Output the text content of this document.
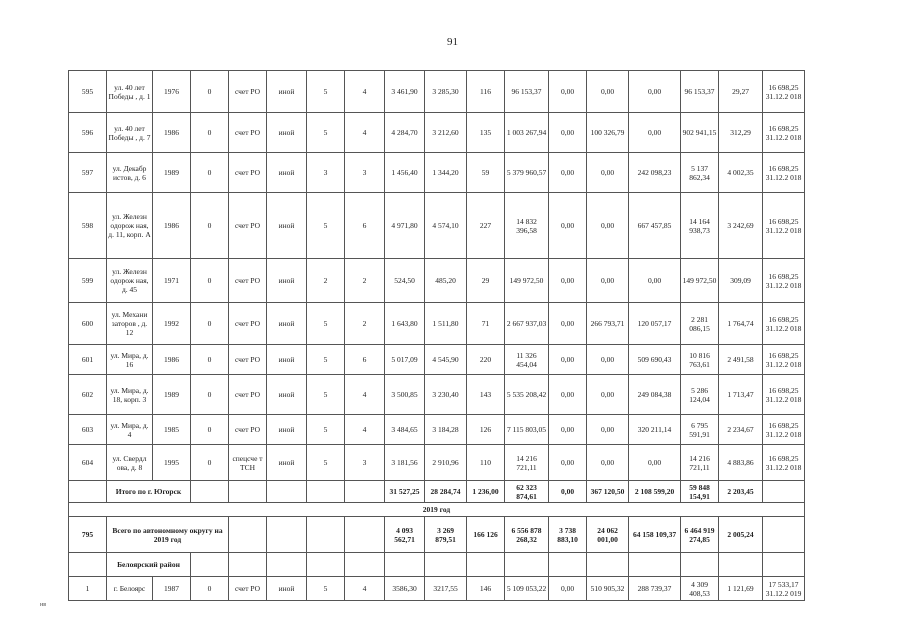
91
595	ул. 40 лет Победы , д. 1	1976	0	счет РО	иной	5	4	3 461,90	3 285,30	116	96 153,37	0,00	0,00	0,00	96 153,37	29,27	16 698,25
31.12.2 018

596	ул. 40 лет Победы , д. 7	1986	0	счет РО	иной	5	4	4 284,70	3 212,60	135	1 003 267,94	0,00	100 326,79	0,00	902 941,15	312,29	16 698,25
31.12.2 018

597	ул. Декабр истов, д. 6	1989	0	счет РО	иной	3	3	1 456,40	1 344,20	59	5 379 960,57	0,00	0,00	242 098,23	5 137 862,34	4 002,35	16 698,25
31.12.2 018

598	ул. Железн одорож ная, д. 11, корп. А	1986	0	счет РО	иной	5	6	4 971,80	4 574,10	227	14 832 396,58	0,00	0,00	667 457,85	14 164 938,73	3 242,69	16 698,25
31.12.2 018

599	ул. Железн одорож ная, д. 45	1971	0	счет РО	иной	2	2	524,50	485,20	29	149 972,50	0,00	0,00	0,00	149 972,50	309,09	16 698,25
31.12.2 018

600	ул. Механи заторов , д. 12	1992	0	счет РО	иной	5	2	1 643,80	1 511,80	71	2 667 937,03	0,00	266 793,71	120 057,17	2 281 086,15	1 764,74	16 698,25
31.12.2 018

601	ул. Мира, д. 16	1986	0	счет РО	иной	5	6	5 017,09	4 545,90	220	11 326 454,04	0,00	0,00	509 690,43	10 816 763,61	2 491,58	16 698,25
31.12.2 018

602	ул. Мира, д. 18, корп. 3	1989	0	счет РО	иной	5	4	3 500,85	3 230,40	143	5 535 208,42	0,00	0,00	249 084,38	5 286 124,04	1 713,47	16 698,25
31.12.2 018

603	ул. Мира, д. 4	1985	0	счет РО	иной	5	4	3 484,65	3 184,28	126	7 115 803,05	0,00	0,00	320 211,14	6 795 591,91	2 234,67	16 698,25
31.12.2 018

604	ул. Свердл ова, д. 8	1995	0	спецсче т ТСН	иной	5	3	3 181,56	2 910,96	110	14 216 721,11	0,00	0,00	0,00	14 216 721,11	4 883,86	16 698,25
31.12.2 018

	Итого по г. Югорск							31 527,25	28 284,74	1 236,00	62 323 874,61	0,00	367 120,50	2 108 599,20	59 848 154,91	2 203,45	
2019 год																	
795	Всего по автономному округу на 2019 год							4 093 562,71	3 269 879,51	166 126	6 556 878 268,32	3 738 883,10	24 062 001,00	64 158 109,37	6 464 919 274,85	2 005,24	
	Белоярский район																
1	г. Белоярс	1987	0	счет РО	иной	5	4	3586,30	3217,55	146	5 109 053,22	0,00	510 905,32	288 739,37	4 309 408,53	1 121,69	17 533,17
31.12.2 019
нв
